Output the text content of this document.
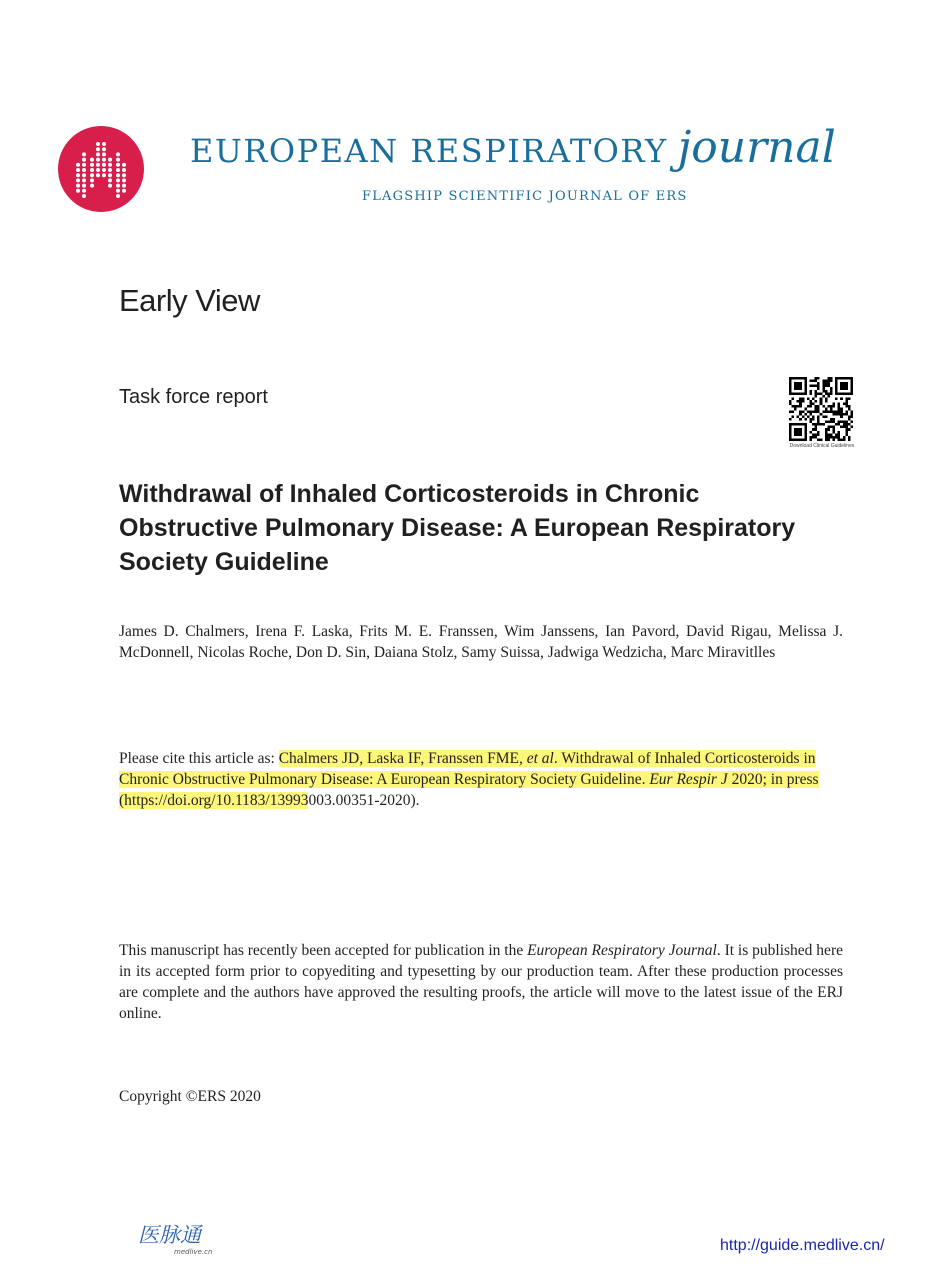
EUROPEAN RESPIRATORY journal
FLAGSHIP SCIENTIFIC JOURNAL OF ERS
Early View
Task force report
Download Clinical Guidelines
Withdrawal of Inhaled Corticosteroids in Chronic Obstructive Pulmonary Disease: A European Respiratory Society Guideline
James D. Chalmers, Irena F. Laska, Frits M. E. Franssen, Wim Janssens, Ian Pavord, David Rigau, Melissa J. McDonnell, Nicolas Roche, Don D. Sin, Daiana Stolz, Samy Suissa, Jadwiga Wedzicha, Marc Miravitlles
Please cite this article as: Chalmers JD, Laska IF, Franssen FME, et al. Withdrawal of Inhaled Corticosteroids in Chronic Obstructive Pulmonary Disease: A European Respiratory Society Guideline. Eur Respir J 2020; in press (https://doi.org/10.1183/13993003.00351-2020).
This manuscript has recently been accepted for publication in the European Respiratory Journal. It is published here in its accepted form prior to copyediting and typesetting by our production team. After these production processes are complete and the authors have approved the resulting proofs, the article will move to the latest issue of the ERJ online.
Copyright ©ERS 2020
医脉通
medlive.cn	http://guide.medlive.cn/
